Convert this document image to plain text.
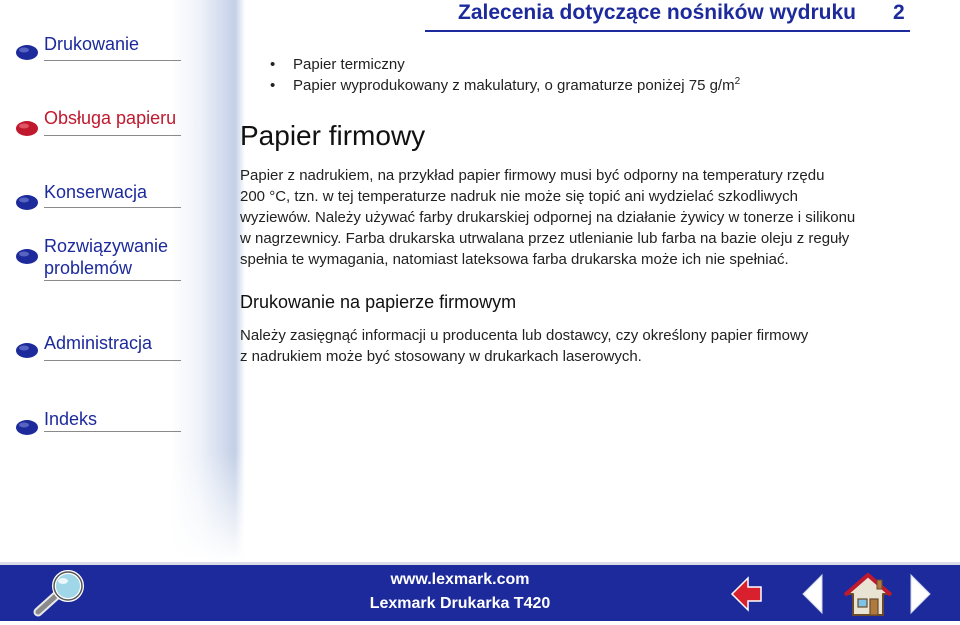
Zalecenia dotyczące nośników wydruku 2
Drukowanie
Obsługa papieru
Konserwacja
Rozwiązywanie
problemów
Administracja
Indeks
• Papier termiczny
• Papier wyprodukowany z makulatury, o gramaturze poniżej 75 $g/m^2$
Papier firmowy

Papier z nadrukiem, na przykład papier firmowy musi być odporny na temperatury rzędu

200 °C, tzn. w tej temperaturze nadruk nie może się topić ani wydzielać szkodliwych

wyziewów. Należy używać farby drukarskiej odpornej na działanie żywicy w tonerze i silikonu

w nagrzewnicy. Farba drukarska utrwalana przez utlenianie lub farba na bazie oleju z reguły

spełnia te wymagania, natomiast lateksowa farba drukarska może ich nie spełniać.

Drukowanie na papierze firmowym

Należy zasięgnąć informacji u producenta lub dostawcy, czy określony papier firmowy

z nadrukiem może być stosowany w drukarkach laserowych.

www.lexmark.com
Lexmark Drukarka T420
